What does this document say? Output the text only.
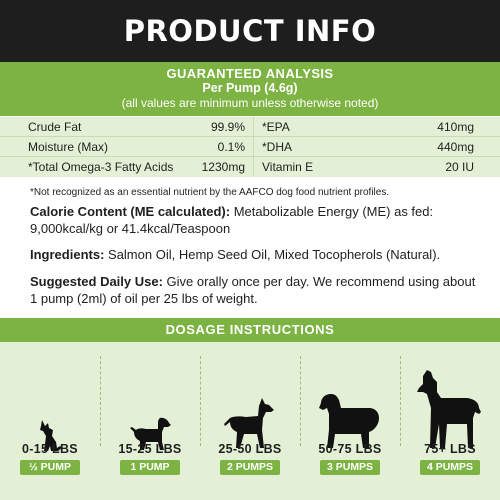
PRODUCT INFO
GUARANTEED ANALYSIS
Per Pump (4.6g)
(all values are minimum unless otherwise noted)
Crude Fat	99.9% *EPA	410mg
Moisture (Max)	0.1% *DHA	440mg
*Total Omega-3 Fatty Acids	1230mg Vitamin E	20 IU
*Not recognized as an essential nutrient by the AAFCO dog food nutrient profiles.
Calorie Content (ME calculated): Metabolizable Energy (ME) as fed: 9,000kcal/kg or 41.4kcal/Teaspoon
Ingredients: Salmon Oil, Hemp Seed Oil, Mixed Tocopherols (Natural).
Suggested Daily Use: Give orally once per day. We recommend using about 1 pump (2ml) of oil per 25 lbs of weight.
DOSAGE INSTRUCTIONS
0-15 LBS
½ PUMP
15-25 LBS
1 PUMP
25-50 LBS
2 PUMPS
50-75 LBS
3 PUMPS
75+ LBS
4 PUMPS
